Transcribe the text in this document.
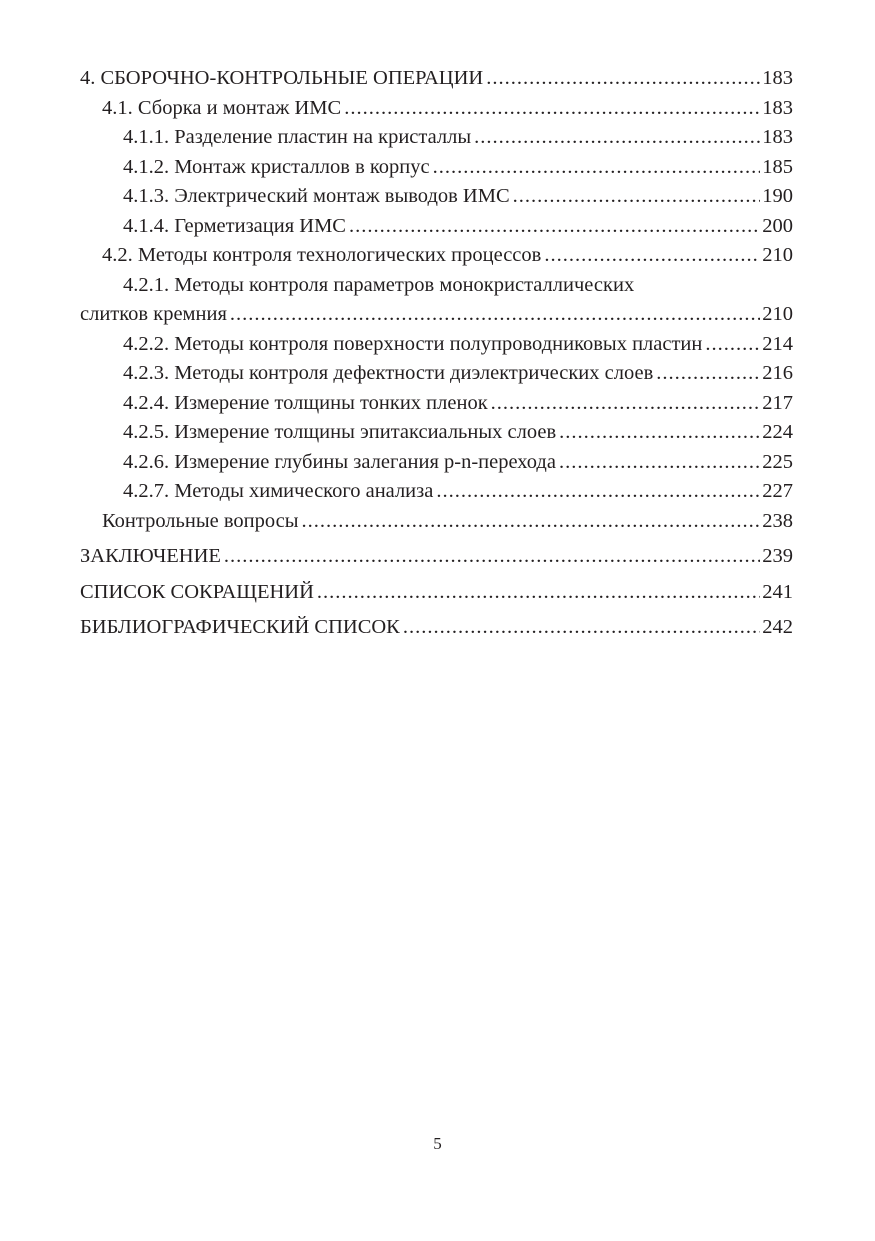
4. СБОРОЧНО-КОНТРОЛЬНЫЕ ОПЕРАЦИИ .....	183
4.1. Сборка и монтаж ИМС .....	183
4.1.1. Разделение пластин на кристаллы .....	183
4.1.2. Монтаж кристаллов в корпус .....	185
4.1.3. Электрический монтаж выводов ИМС .....	190
4.1.4. Герметизация ИМС .....	200
4.2. Методы контроля технологических процессов .....	210
4.2.1. Методы контроля параметров монокристаллических
слитков кремния .....	210
4.2.2. Методы контроля поверхности полупроводниковых пластин .....	214
4.2.3. Методы контроля дефектности диэлектрических слоев .....	216
4.2.4. Измерение толщины тонких пленок .....	217
4.2.5. Измерение толщины эпитаксиальных слоев .....	224
4.2.6. Измерение глубины залегания p-n-перехода .....	225
4.2.7. Методы химического анализа .....	227
Контрольные вопросы .....	238
ЗАКЛЮЧЕНИЕ .....	239
СПИСОК СОКРАЩЕНИЙ .....	241
БИБЛИОГРАФИЧЕСКИЙ СПИСОК .....	242
5
